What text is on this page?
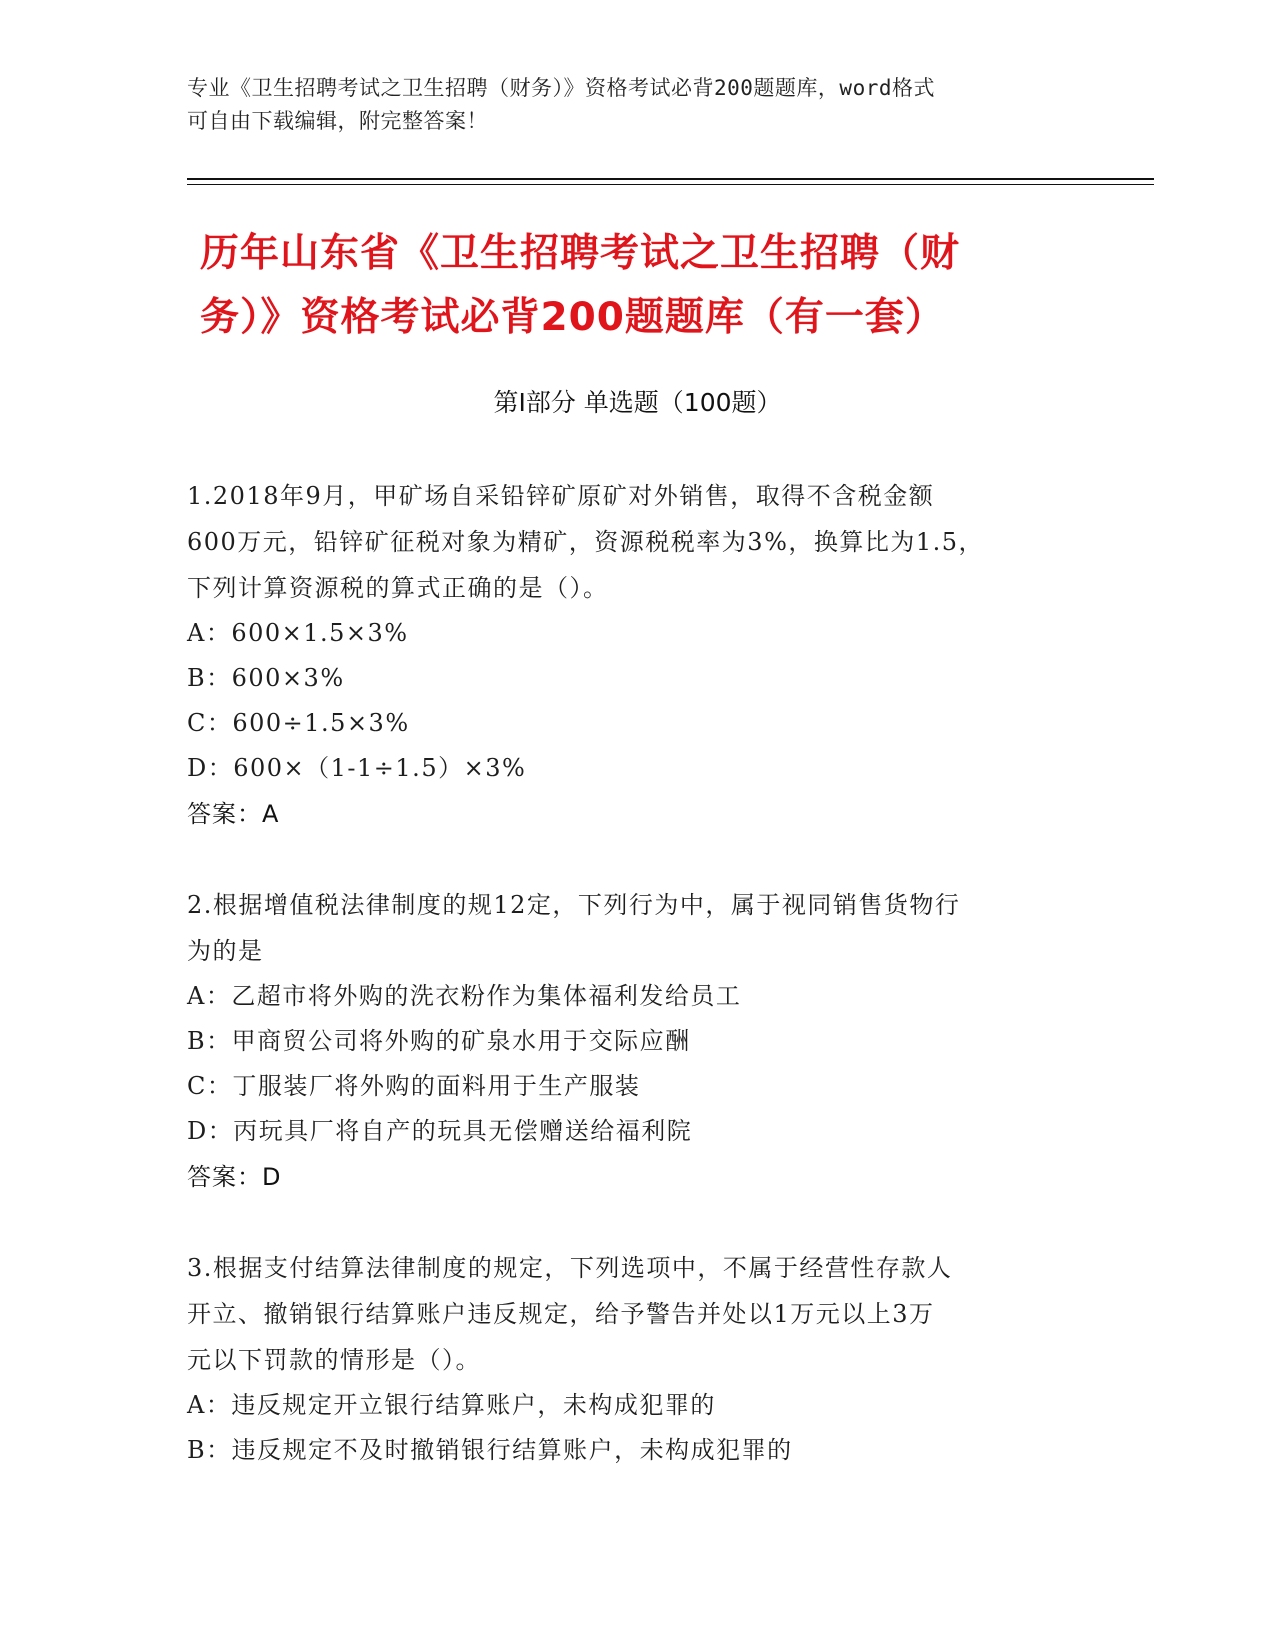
专业《卫生招聘考试之卫生招聘（财务）》资格考试必背200题题库，word格式
可自由下载编辑，附完整答案！
历年山东省《卫生招聘考试之卫生招聘（财
务）》资格考试必背200题题库（有一套）
第Ⅰ部分 单选题（100题）

1.2018年9月，甲矿场自采铅锌矿原矿对外销售，取得不含税金额

600万元，铅锌矿征税对象为精矿，资源税税率为3%，换算比为1.5，

下列计算资源税的算式正确的是（）。

A：600×1.5×3%

B：600×3%

C：600÷1.5×3%

D：600×（1-1÷1.5）×3%

答案：A

2.根据增值税法律制度的规12定，下列行为中，属于视同销售货物行

为的是

A：乙超市将外购的洗衣粉作为集体福利发给员工

B：甲商贸公司将外购的矿泉水用于交际应酬

C：丁服装厂将外购的面料用于生产服装

D：丙玩具厂将自产的玩具无偿赠送给福利院

答案：D

3.根据支付结算法律制度的规定，下列选项中，不属于经营性存款人

开立、撤销银行结算账户违反规定，给予警告并处以1万元以上3万

元以下罚款的情形是（）。

A：违反规定开立银行结算账户，未构成犯罪的

B：违反规定不及时撤销银行结算账户，未构成犯罪的
